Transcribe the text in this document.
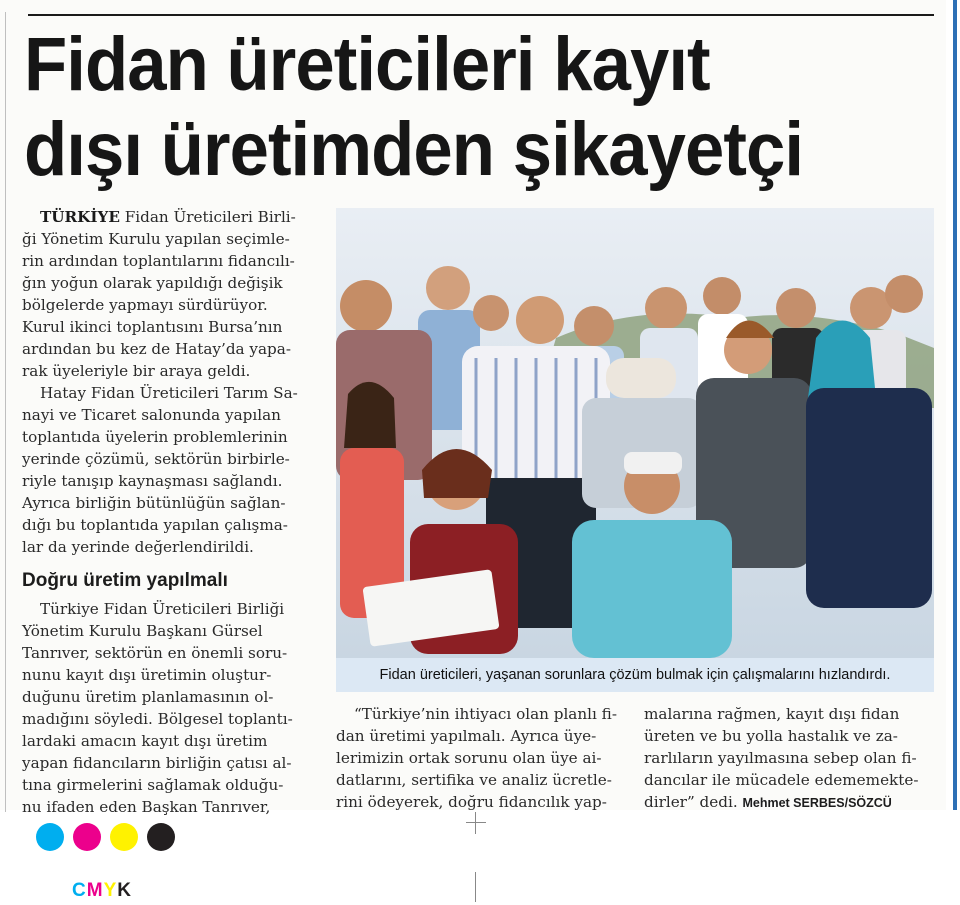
Fidan üreticileri kayıt
dışı üretimden şikayetçi

TÜRKİYE Fidan Üreticileri Birli-

ği Yönetim Kurulu yapılan seçimle-
rin ardından toplantılarını fidancılı-
ğın yoğun olarak yapıldığı değişik
bölgelerde yapmayı sürdürüyor.
Kurul ikinci toplantısını Bursa’nın
ardından bu kez de Hatay’da yapa-
rak üyeleriyle bir araya geldi.

Hatay Fidan Üreticileri Tarım Sa-
nayi ve Ticaret salonunda yapılan
toplantıda üyelerin problemlerinin
yerinde çözümü, sektörün birbirle-
riyle tanışıp kaynaşması sağlandı.
Ayrıca birliğin bütünlüğün sağlan-
dığı bu toplantıda yapılan çalışma-
lar da yerinde değerlendirildi.

Doğru üretim yapılmalı

Türkiye Fidan Üreticileri Birliği
Yönetim Kurulu Başkanı Gürsel
Tanrıver, sektörün en önemli soru-
nunu kayıt dışı üretimin oluştur-
duğunu üretim planlamasının ol-
madığını söyledi. Bölgesel toplantı-
lardaki amacın kayıt dışı üretim
yapan fidancıların birliğin çatısı al-
tına girmelerini sağlamak olduğu-
nu ifaden eden Başkan Tanrıver,

Fidan üreticileri, yaşanan sorunlara çözüm bulmak için çalışmalarını hızlandırdı.
“Türkiye’nin ihtiyacı olan planlı fi-
dan üretimi yapılmalı. Ayrıca üye-
lerimizin ortak sorunu olan üye ai-
datlarını, sertifika ve analiz ücretle-
rini ödeyerek, doğru fidancılık yap-
malarına rağmen, kayıt dışı fidan
üreten ve bu yolla hastalık ve za-
rarlıların yayılmasına sebep olan fi-
dancılar ile mücadele edememekte-
dirler” dedi. Mehmet SERBES/SÖZCÜ
CMYK
